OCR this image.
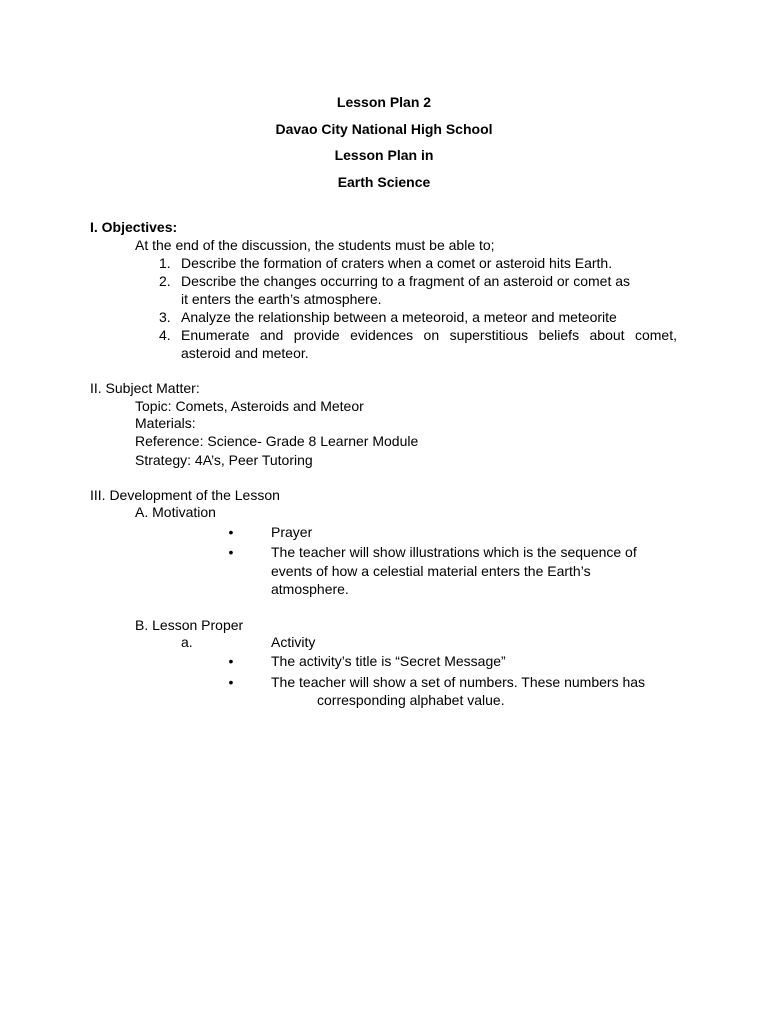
Lesson Plan 2
Davao City National High School
Lesson Plan in
Earth Science
I. Objectives:
At the end of the discussion, the students must be able to;
1. Describe the formation of craters when a comet or asteroid hits Earth.
2. Describe the changes occurring to a fragment of an asteroid or comet as
it enters the earth’s atmosphere.
3. Analyze the relationship between a meteoroid, a meteor and meteorite
4. Enumerate and provide evidences on superstitious beliefs about comet,
asteroid and meteor.
II. Subject Matter:
Topic: Comets, Asteroids and Meteor
Materials:
Reference: Science- Grade 8 Learner Module
Strategy: 4A’s, Peer Tutoring
III. Development of the Lesson
A. Motivation
•	Prayer
•	The teacher will show illustrations which is the sequence of
events of how a celestial material enters the Earth’s
atmosphere.
B. Lesson Proper
a.	Activity
•	The activity’s title is “Secret Message”
•	The teacher will show a set of numbers. These numbers has
corresponding alphabet value.
